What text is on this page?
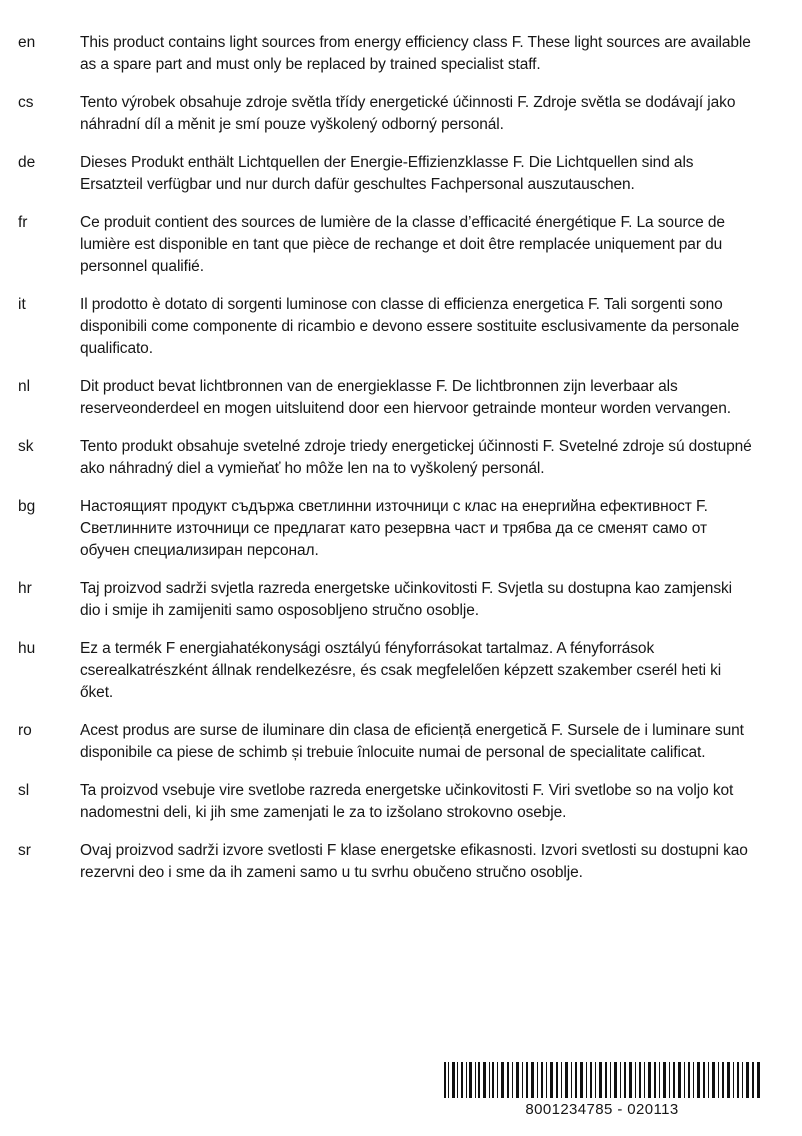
en	This product contains light sources from energy efficiency class F. These light sources are available as a spare part and must only be replaced by trained specialist staff.
cs	Tento výrobek obsahuje zdroje světla třídy energetické účinnosti F. Zdroje světla se dodávají jako náhradní díl a měnit je smí pouze vyškolený odborný personál.
de	Dieses Produkt enthält Lichtquellen der Energie-Effizienzklasse F. Die Lichtquellen sind als Ersatzteil verfügbar und nur durch dafür geschultes Fachpersonal auszutauschen.
fr	Ce produit contient des sources de lumière de la classe d’efficacité énergétique F. La source de lumière est disponible en tant que pièce de rechange et doit être remplacée uniquement par du personnel qualifié.
it	Il prodotto è dotato di sorgenti luminose con classe di efficienza energetica F. Tali sorgenti sono disponibili come componente di ricambio e devono essere sostituite esclusivamente da personale qualificato.
nl	Dit product bevat lichtbronnen van de energieklasse F. De lichtbronnen zijn leverbaar als reserveonderdeel en mogen uitsluitend door een hiervoor getrainde monteur worden vervangen.
sk	Tento produkt obsahuje svetelné zdroje triedy energetickej účinnosti F. Svetelné zdroje sú dostupné ako náhradný diel a vymieňať ho môže len na to vyškolený personál.
bg	Настоящият продукт съдържа светлинни източници с клас на енергийна ефективност F. Светлинните източници се предлагат като резервна част и трябва да се сменят само от обучен специализиран персонал.
hr	Taj proizvod sadrži svjetla razreda energetske učinkovitosti F. Svjetla su dostupna kao zamjenski dio i smije ih zamijeniti samo osposobljeno stručno osoblje.
hu	Ez a termék F energiahatékonysági osztályú fényforrásokat tartalmaz. A fényforrások cserealkatrészként állnak rendelkezésre, és csak megfelelően képzett szakember cserél heti ki őket.
ro	Acest produs are surse de iluminare din clasa de eficiență energetică F. Sursele de i luminare sunt disponibile ca piese de schimb și trebuie înlocuite numai de personal de specialitate calificat.
sl	Ta proizvod vsebuje vire svetlobe razreda energetske učinkovitosti F. Viri svetlobe so na voljo kot nadomestni deli, ki jih sme zamenjati le za to izšolano strokovno osebje.
sr	Ovaj proizvod sadrži izvore svetlosti F klase energetske efikasnosti. Izvori svetlosti su dostupni kao rezervni deo i sme da ih zameni samo u tu svrhu obučeno stručno osoblje.
8001234785 - 020113
